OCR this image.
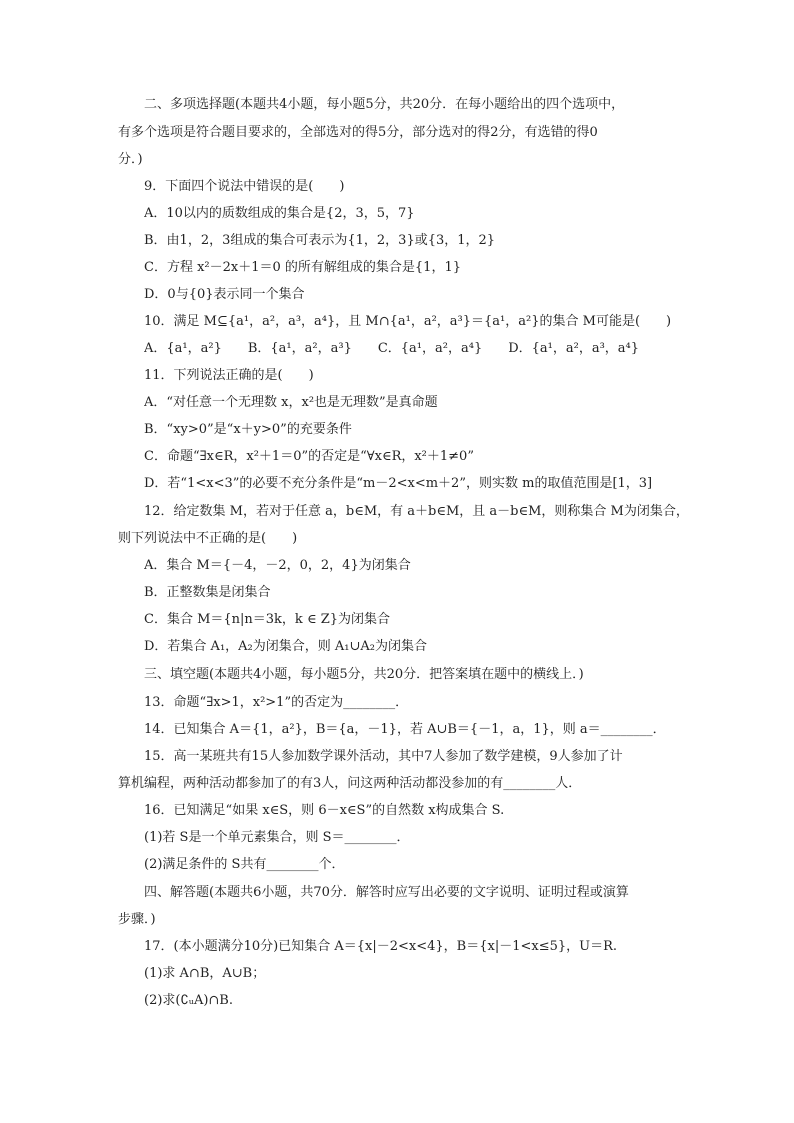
二、多项选择题(本题共4小题，每小题5分，共20分．在每小题给出的四个选项中，
有多个选项是符合题目要求的，全部选对的得5分，部分选对的得2分，有选错的得0
分．)
9．下面四个说法中错误的是(　　)
A．10以内的质数组成的集合是{2，3，5，7}
B．由1，2，3组成的集合可表示为{1，2，3}或{3，1，2}
C．方程 x²－2x＋1＝0 的所有解组成的集合是{1，1}
D．0与{0}表示同一个集合
10．满足 M⊆{a¹，a²，a³，a⁴}，且 M∩{a¹，a²，a³}＝{a¹，a²}的集合 M可能是(　　)
A．{a¹，a²}　　B．{a¹，a²，a³}　　C．{a¹，a²，a⁴}　　D．{a¹，a²，a³，a⁴}
11．下列说法正确的是(　　)
A．“对任意一个无理数 x，x²也是无理数”是真命题
B．“xy>0”是“x＋y>0”的充要条件
C．命题“∃x∈R，x²＋1＝0”的否定是“∀x∈R，x²＋1≠0”
D．若“1<x<3”的必要不充分条件是“m－2<x<m＋2”，则实数 m的取值范围是[1，3]
12．给定数集 M，若对于任意 a，b∈M，有 a＋b∈M，且 a－b∈M，则称集合 M为闭集合，
则下列说法中不正确的是(　　)
A．集合 M＝{－4，－2，0，2，4}为闭集合
B．正整数集是闭集合
C．集合 M＝{n|n＝3k，k ∈ Z}为闭集合
D．若集合 A₁，A₂为闭集合，则 A₁∪A₂为闭集合
三、填空题(本题共4小题，每小题5分，共20分．把答案填在题中的横线上．)
13．命题“∃x>1，x²>1”的否定为________．
14．已知集合 A＝{1，a²}，B＝{a，－1}，若 A∪B＝{－1，a，1}，则 a＝________．
15．高一某班共有15人参加数学课外活动，其中7人参加了数学建模，9人参加了计
算机编程，两种活动都参加了的有3人，问这两种活动都没参加的有________人．
16．已知满足“如果 x∈S，则 6－x∈S”的自然数 x构成集合 S.
(1)若 S是一个单元素集合，则 S＝________．
(2)满足条件的 S共有________个．
四、解答题(本题共6小题，共70分．解答时应写出必要的文字说明、证明过程或演算
步骤．)
17．(本小题满分10分)已知集合 A＝{x|－2<x<4}，B＝{x|－1<x≤5}，U＝R.
(1)求 A∩B，A∪B；
(2)求(∁ᵤA)∩B.
